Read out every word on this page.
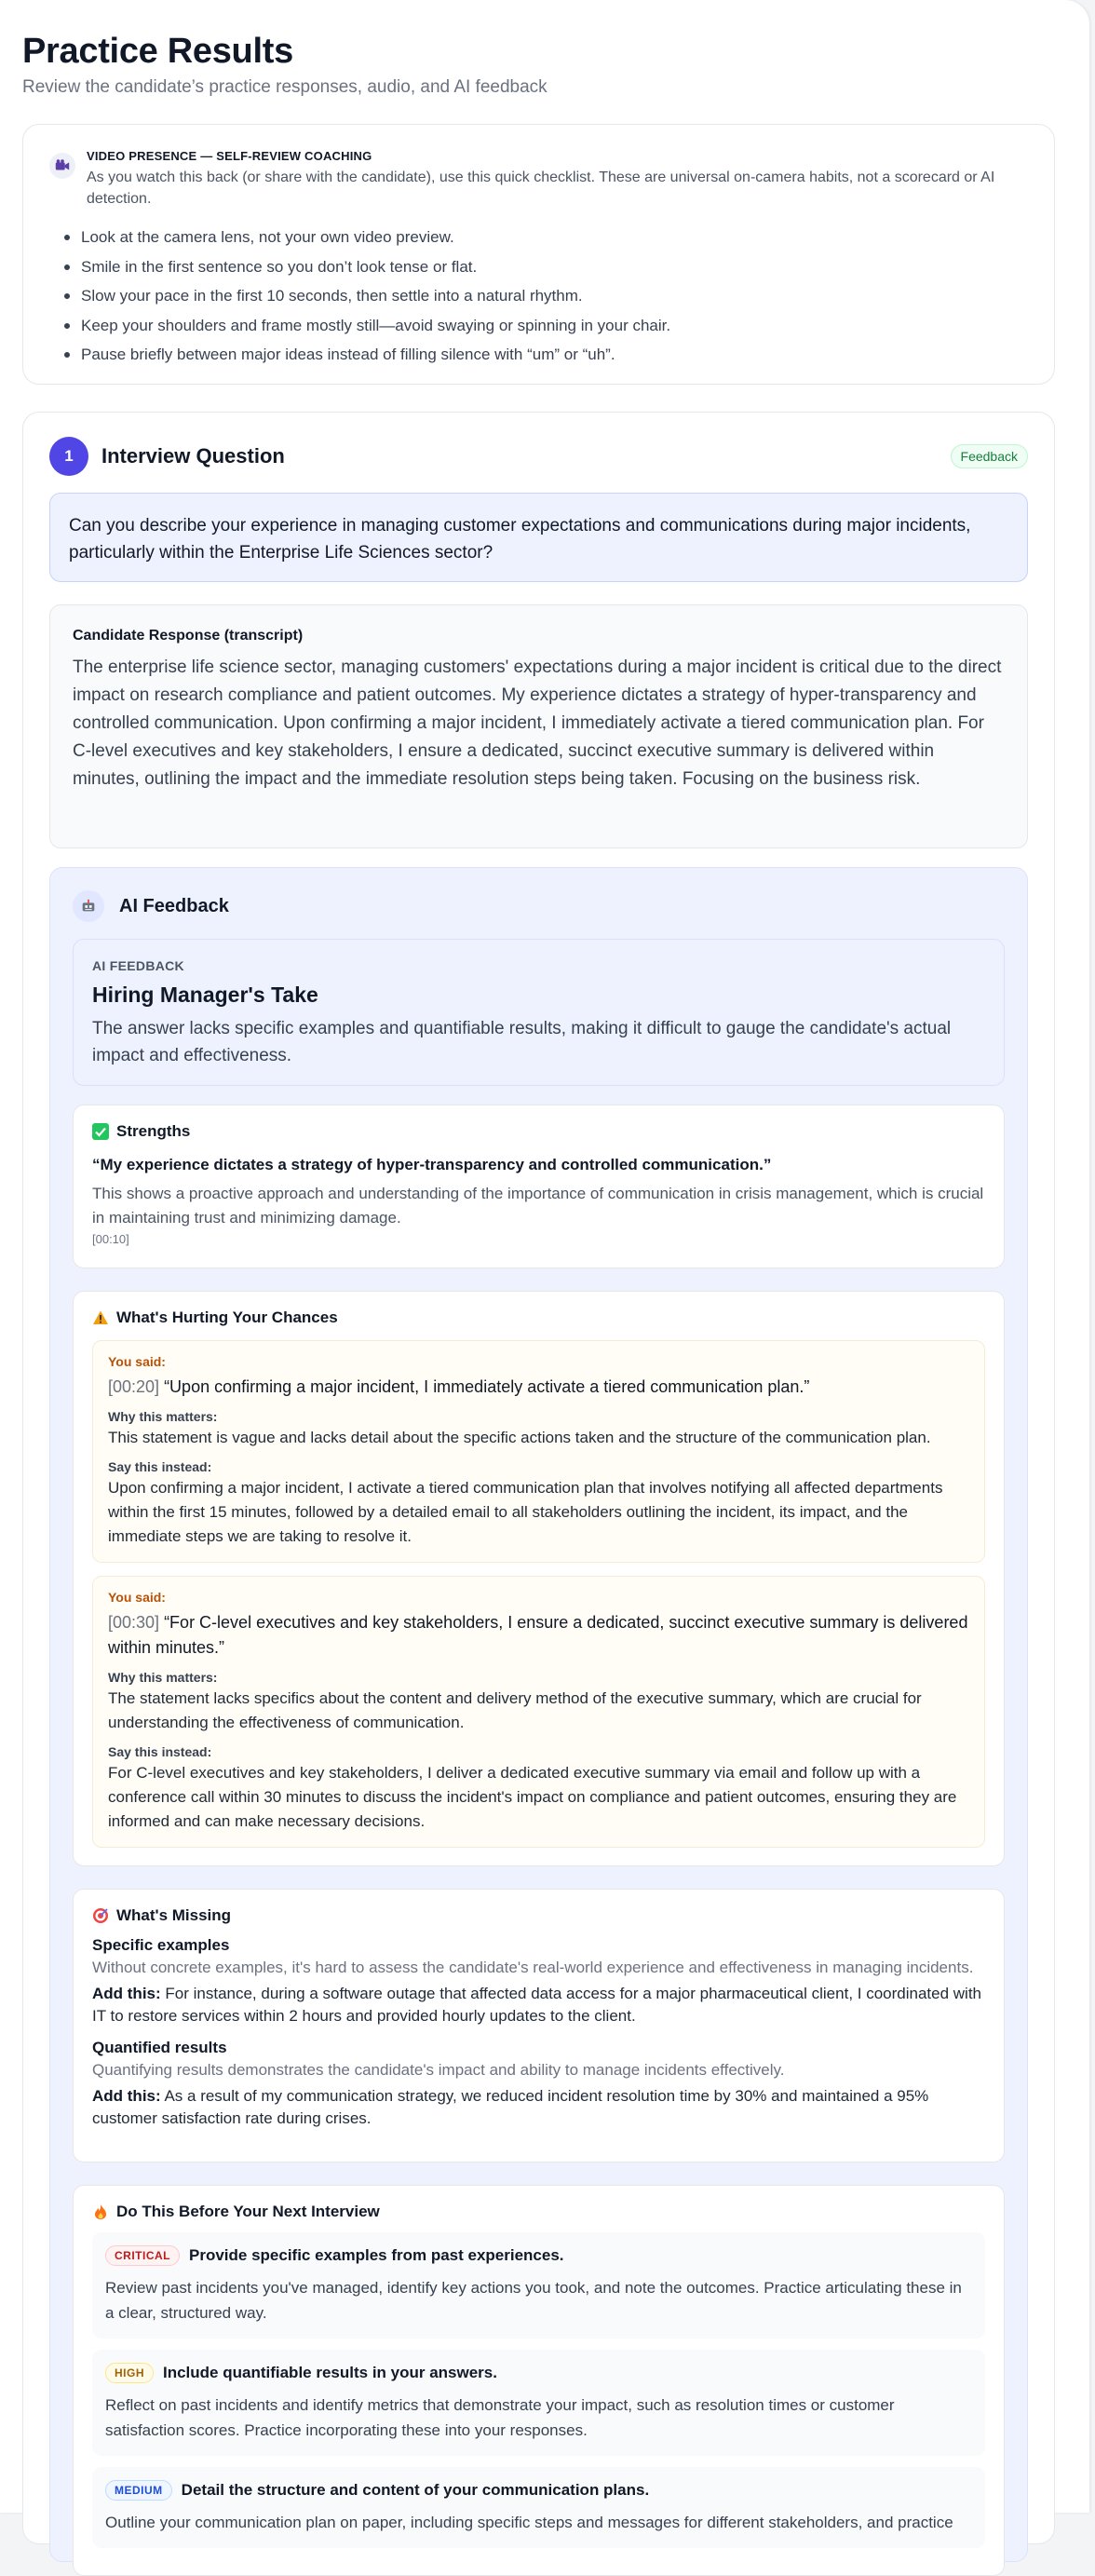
Practice Results
Review the candidate’s practice responses, audio, and AI feedback
VIDEO PRESENCE — SELF-REVIEW COACHING
As you watch this back (or share with the candidate), use this quick checklist. These are universal on-camera habits, not a scorecard or AI detection.
Look at the camera lens, not your own video preview.
Smile in the first sentence so you don’t look tense or flat.
Slow your pace in the first 10 seconds, then settle into a natural rhythm.
Keep your shoulders and frame mostly still—avoid swaying or spinning in your chair.
Pause briefly between major ideas instead of filling silence with “um” or “uh”.
1	Interview Question	Feedback
Can you describe your experience in managing customer expectations and communications during major incidents, particularly within the Enterprise Life Sciences sector?
Candidate Response (transcript)
The enterprise life science sector, managing customers' expectations during a major incident is critical due to the direct impact on research compliance and patient outcomes. My experience dictates a strategy of hyper-transparency and controlled communication. Upon confirming a major incident, I immediately activate a tiered communication plan. For C-level executives and key stakeholders, I ensure a dedicated, succinct executive summary is delivered within minutes, outlining the impact and the immediate resolution steps being taken. Focusing on the business risk.
AI Feedback
AI FEEDBACK
Hiring Manager's Take
The answer lacks specific examples and quantifiable results, making it difficult to gauge the candidate's actual impact and effectiveness.
Strengths
“My experience dictates a strategy of hyper-transparency and controlled communication.”
This shows a proactive approach and understanding of the importance of communication in crisis management, which is crucial in maintaining trust and minimizing damage.
[00:10]
What's Hurting Your Chances
You said:
[00:20] “Upon confirming a major incident, I immediately activate a tiered communication plan.”
Why this matters:
This statement is vague and lacks detail about the specific actions taken and the structure of the communication plan.
Say this instead:
Upon confirming a major incident, I activate a tiered communication plan that involves notifying all affected departments within the first 15 minutes, followed by a detailed email to all stakeholders outlining the incident, its impact, and the immediate steps we are taking to resolve it.
You said:
[00:30] “For C-level executives and key stakeholders, I ensure a dedicated, succinct executive summary is delivered within minutes.”
Why this matters:
The statement lacks specifics about the content and delivery method of the executive summary, which are crucial for understanding the effectiveness of communication.
Say this instead:
For C-level executives and key stakeholders, I deliver a dedicated executive summary via email and follow up with a conference call within 30 minutes to discuss the incident's impact on compliance and patient outcomes, ensuring they are informed and can make necessary decisions.
What's Missing
Specific examples
Without concrete examples, it's hard to assess the candidate's real-world experience and effectiveness in managing incidents.
Add this: For instance, during a software outage that affected data access for a major pharmaceutical client, I coordinated with IT to restore services within 2 hours and provided hourly updates to the client.
Quantified results
Quantifying results demonstrates the candidate's impact and ability to manage incidents effectively.
Add this: As a result of my communication strategy, we reduced incident resolution time by 30% and maintained a 95% customer satisfaction rate during crises.
Do This Before Your Next Interview
CRITICAL	Provide specific examples from past experiences.
Review past incidents you've managed, identify key actions you took, and note the outcomes. Practice articulating these in a clear, structured way.
HIGH	Include quantifiable results in your answers.
Reflect on past incidents and identify metrics that demonstrate your impact, such as resolution times or customer satisfaction scores. Practice incorporating these into your responses.
MEDIUM	Detail the structure and content of your communication plans.
Outline your communication plan on paper, including specific steps and messages for different stakeholders, and practice
